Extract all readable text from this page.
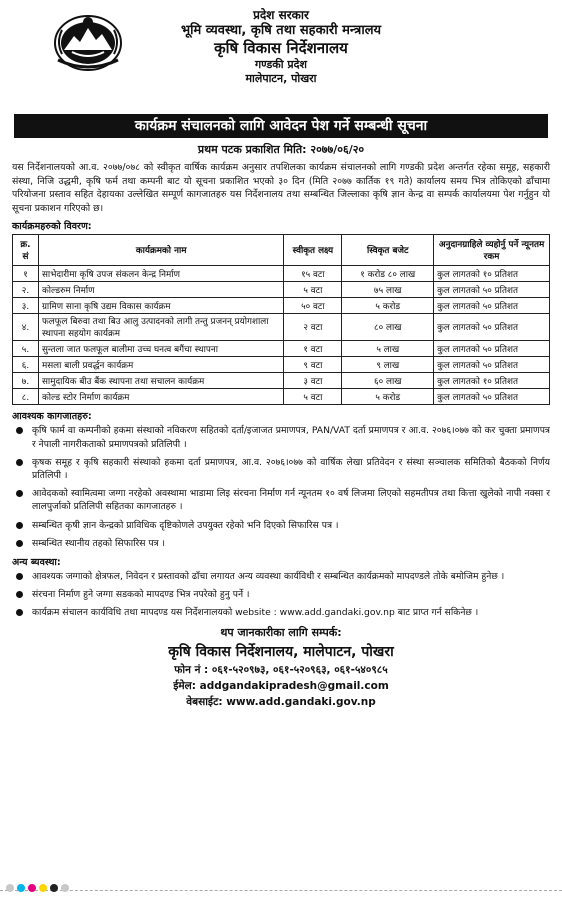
प्रदेश सरकार
भूमि व्यवस्था, कृषि तथा सहकारी मन्त्रालय
कृषि विकास निर्देशनालय
गण्डकी प्रदेश
मालेपाटन, पोखरा
कार्यक्रम संचालनको लागि आवेदन पेश गर्ने सम्बन्धी सूचना
प्रथम पटक प्रकाशित मिति: २०७७/०६/२०

यस निर्देशनालयको आ.व. २०७७/०७८ को स्वीकृत वार्षिक कार्यक्रम अनुसार तपशिलका कार्यक्रम संचालनको लागि गण्डकी प्रदेश अन्तर्गत रहेका समूह, सहकारी संस्था, निजि उद्धमी, कृषि फर्म तथा कम्पनी बाट यो सूचना प्रकाशित भएको ३० दिन (मिति २०७७ कार्तिक १९ गते) कार्यालय समय भित्र तोकिएको ढाँचामा परियोजना प्रस्ताव सहित देहायका उल्लेखित सम्पूर्ण कागजातहरु यस निर्देशनालय तथा सम्बन्धित जिल्लाका कृषि ज्ञान केन्द्र वा सम्पर्क कार्यालयमा पेश गर्नुहुन यो सूचना प्रकाशन गरिएको छ।

कार्यक्रमहरुको विवरण:
क्र. सं	कार्यक्रमको नाम	स्वीकृत लक्ष्य	स्विकृत बजेट	अनुदानग्राहिले व्यहोर्नु पर्ने न्यूनतम रकम
१	साभेदारीमा कृषि उपज संकलन केन्द्र निर्माण	१५ वटा	१ करोड ८० लाख	कुल लागतको १० प्रतिशत
२.	कोल्डरुम निर्माण	५ वटा	७५ लाख	कुल लागतको ५० प्रतिशत
३.	ग्रामिण साना कृषि उद्यम विकास कार्यक्रम	५० वटा	५ करोड	कुल लागतको ५० प्रतिशत
४.	फलफूल बिरुवा तथा बिउ आलु उत्पादनको लागी तन्तु प्रजनन् प्रयोगशाला स्थापना सहयोग कार्यक्रम	२ वटा	८० लाख	कुल लागतको ५० प्रतिशत
५.	सुन्तला जात फलफूल बालीमा उच्च घनत्व बगैंचा स्थापना	१ वटा	५ लाख	कुल लागतको ५० प्रतिशत
६.	मसला बाली प्रवर्द्धन कार्यक्रम	९ वटा	९ लाख	कुल लागतको ५० प्रतिशत
७.	सामुदायिक बीउ बैंक स्थापना तथा सचालन कार्यक्रम	३ वटा	६० लाख	कुल लागतको १० प्रतिशत
८.	कोल्ड स्टोर निर्माण कार्यक्रम	५ वटा	५ करोड	कुल लागतको ५० प्रतिशत
आवश्यक कागजातहरु:
कृषि फार्म वा कम्पनीको हकमा संस्थाको नविकरण सहितको दर्ता/इजाजत प्रमाणपत्र, PAN/VAT दर्ता प्रमाणपत्र र आ.व. २०७६।०७७ को कर चुक्ता प्रमाणपत्र र नेपाली नागरीकताको प्रमाणपत्रको प्रतिलिपी ।
कृषक समूह र कृषि सहकारी संस्थाको हकमा दर्ता प्रमाणपत्र, आ.व. २०७६।०७७ को वार्षिक लेखा प्रतिवेदन र संस्था सञ्चालक समितिको बैठकको निर्णय प्रतिलिपी ।
आवेदकको स्वामित्वमा जग्गा नरहेको अवस्थामा भाडामा लिइ संरचना निर्माण गर्न न्यूनतम १० वर्ष लिजमा लिएको सहमतीपत्र तथा कित्ता खुलेको नापी नक्सा र लालपुर्जाको प्रतिलिपी सहितका कागजातहरु ।
सम्बन्धित कृषी ज्ञान केन्द्रको प्राविधिक दृष्टिकोणले उपयुक्त रहेको भनि दिएको सिफारिस पत्र ।
सम्बन्धित स्थानीय तहको सिफारिस पत्र ।
अन्य ब्यवस्था:
आवश्यक जग्गाको क्षेत्रफल, निवेदन र प्रस्तावको ढाँचा लगायत अन्य व्यवस्था कार्यविधी र सम्बन्धित कार्यक्रमको मापदण्डले तोके बमोजिम हुनेछ ।
संरचना निर्माण हुने जग्गा सडकको मापदण्ड भित्र नपरेको हुनु पर्ने ।
कार्यक्रम संचालन कार्यविधि तथा मापदण्ड यस निर्देशनालयको website : www.add.gandaki.gov.np बाट प्राप्त गर्न सकिनेछ ।
थप जानकारीका लागि सम्पर्क:
कृषि विकास निर्देशनालय, मालेपाटन, पोखरा
फोन नं : ०६१-५२०९७३, ०६१-५२०९६३, ०६१-५४०९८५
ईमेल: addgandakipradesh@gmail.com
वेबसाईट: www.add.gandaki.gov.np
